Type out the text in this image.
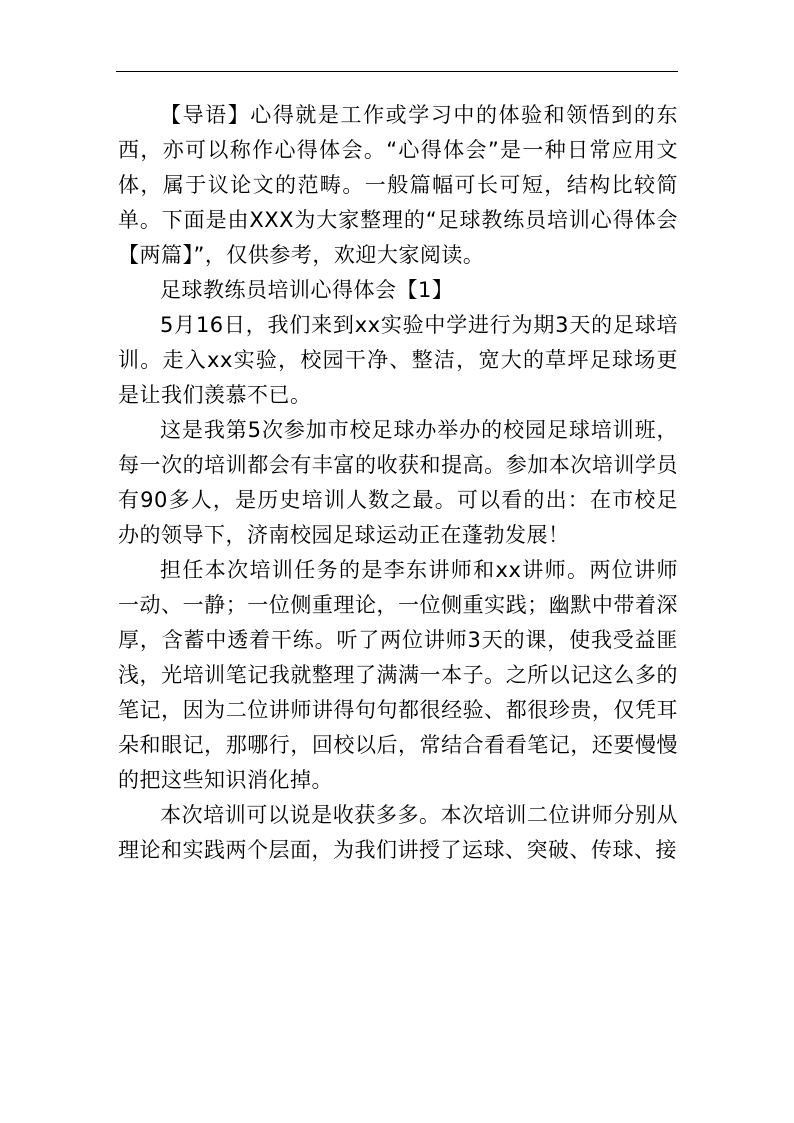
【导语】心得就是工作或学习中的体验和领悟到的东西，亦可以称作心得体会。“心得体会”是一种日常应用文体，属于议论文的范畴。一般篇幅可长可短，结构比较简单。下面是由XXX为大家整理的“足球教练员培训心得体会【两篇】”，仅供参考，欢迎大家阅读。

足球教练员培训心得体会【1】

5月16日，我们来到xx实验中学进行为期3天的足球培训。走入xx实验，校园干净、整洁，宽大的草坪足球场更是让我们羡慕不已。

这是我第5次参加市校足球办举办的校园足球培训班，每一次的培训都会有丰富的收获和提高。参加本次培训学员有90多人，是历史培训人数之最。可以看的出：在市校足办的领导下，济南校园足球运动正在蓬勃发展！

担任本次培训任务的是李东讲师和xx讲师。两位讲师一动、一静；一位侧重理论，一位侧重实践；幽默中带着深厚，含蓄中透着干练。听了两位讲师3天的课，使我受益匪浅，光培训笔记我就整理了满满一本子。之所以记这么多的笔记，因为二位讲师讲得句句都很经验、都很珍贵，仅凭耳朵和眼记，那哪行，回校以后，常结合看看笔记，还要慢慢的把这些知识消化掉。

本次培训可以说是收获多多。本次培训二位讲师分别从理论和实践两个层面，为我们讲授了运球、突破、传球、接
